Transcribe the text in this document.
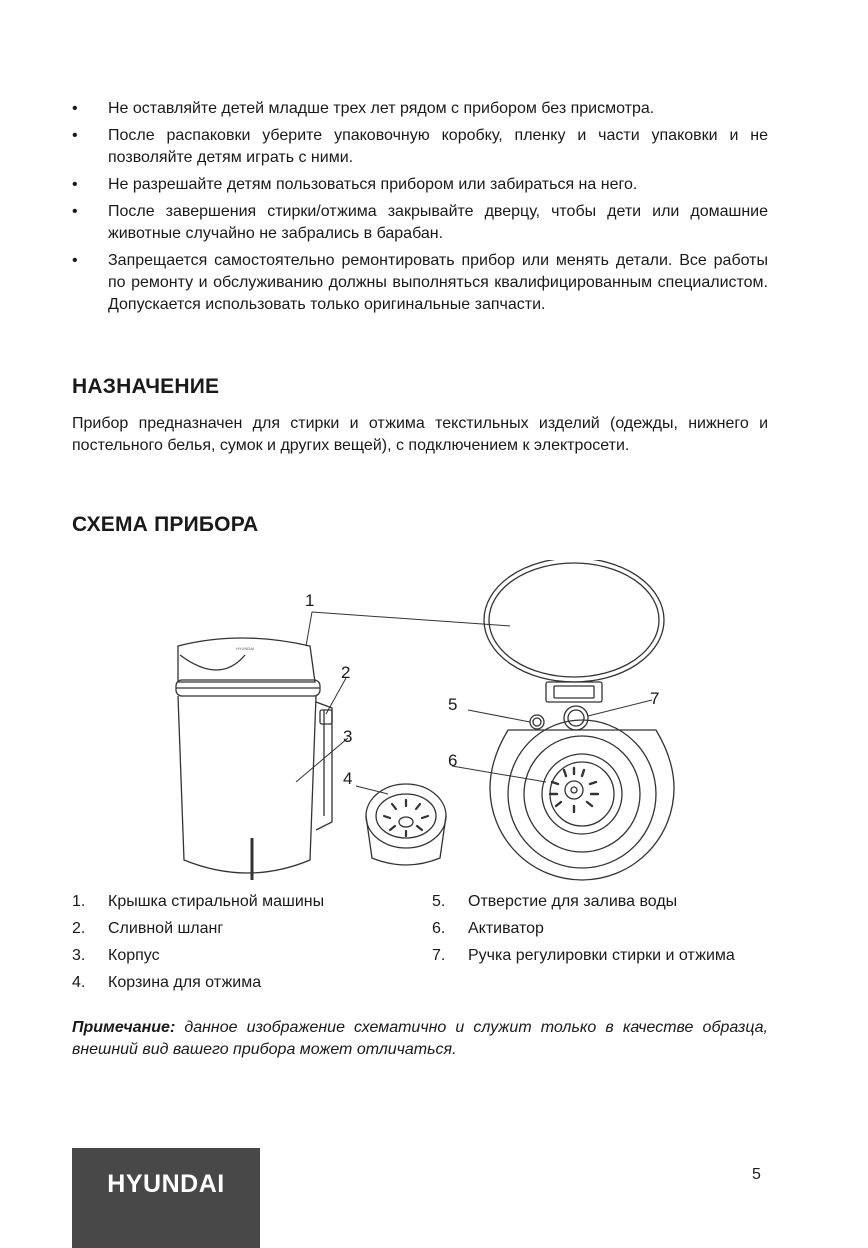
• Не оставляйте детей младше трех лет рядом с прибором без присмотра.
• После распаковки уберите упаковочную коробку, пленку и части упаковки и не позволяйте детям играть с ними.
• Не разрешайте детям пользоваться прибором или забираться на него.
• После завершения стирки/отжима закрывайте дверцу, чтобы дети или домашние животные случайно не забрались в барабан.
• Запрещается самостоятельно ремонтировать прибор или менять детали. Все работы по ремонту и обслуживанию должны выполняться квалифицированным специалистом. Допускается использовать только оригинальные запчасти.
НАЗНАЧЕНИЕ

Прибор предназначен для стирки и отжима текстильных изделий (одежды, нижнего и постельного белья, сумок и других вещей), с подключением к электросети.

СХЕМА ПРИБОРА
HYUNDAI
1
2
3
4
5
6
7
1. Крышка стиральной машины
2. Сливной шланг
3. Корпус
4. Корзина для отжима
5. Отверстие для залива воды
6. Активатор
7. Ручка регулировки стирки и отжима

Примечание: данное изображение схематично и служит только в качестве образца, внешний вид вашего прибора может отличаться.

HYUNDAI	5
